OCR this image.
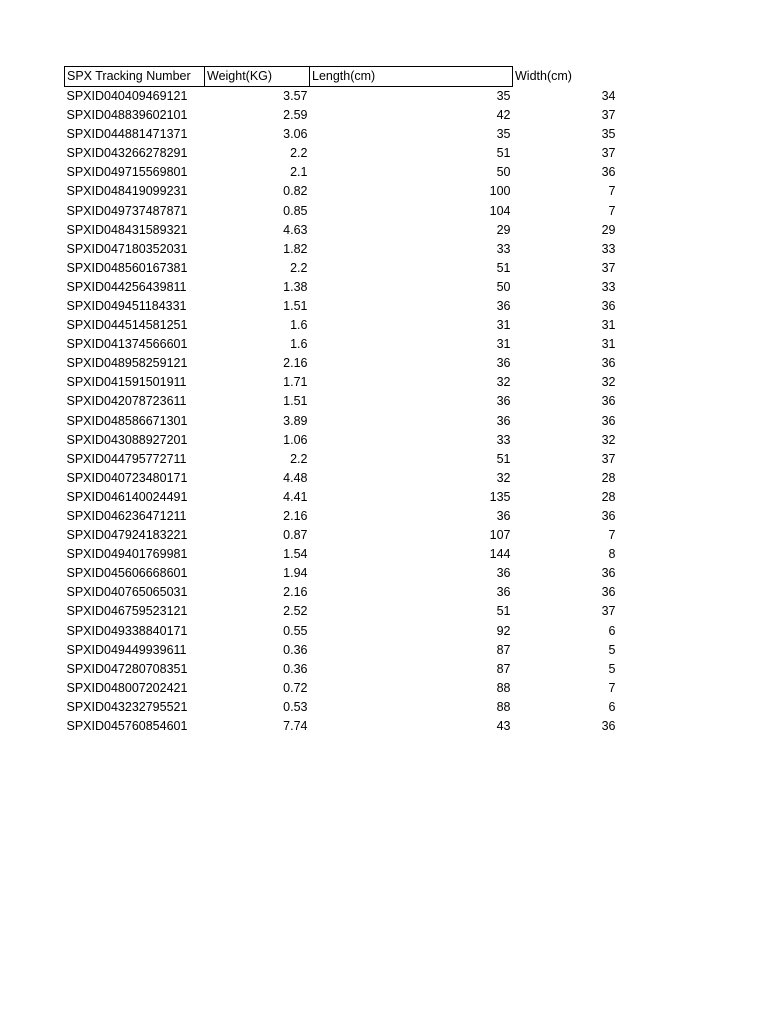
SPX Tracking Number	Weight(KG)	Length(cm)	Width(cm)
SPXID040409469121	3.57	35	34
SPXID048839602101	2.59	42	37
SPXID044881471371	3.06	35	35
SPXID043266278291	2.2	51	37
SPXID049715569801	2.1	50	36
SPXID048419099231	0.82	100	7
SPXID049737487871	0.85	104	7
SPXID048431589321	4.63	29	29
SPXID047180352031	1.82	33	33
SPXID048560167381	2.2	51	37
SPXID044256439811	1.38	50	33
SPXID049451184331	1.51	36	36
SPXID044514581251	1.6	31	31
SPXID041374566601	1.6	31	31
SPXID048958259121	2.16	36	36
SPXID041591501911	1.71	32	32
SPXID042078723611	1.51	36	36
SPXID048586671301	3.89	36	36
SPXID043088927201	1.06	33	32
SPXID044795772711	2.2	51	37
SPXID040723480171	4.48	32	28
SPXID046140024491	4.41	135	28
SPXID046236471211	2.16	36	36
SPXID047924183221	0.87	107	7
SPXID049401769981	1.54	144	8
SPXID045606668601	1.94	36	36
SPXID040765065031	2.16	36	36
SPXID046759523121	2.52	51	37
SPXID049338840171	0.55	92	6
SPXID049449939611	0.36	87	5
SPXID047280708351	0.36	87	5
SPXID048007202421	0.72	88	7
SPXID043232795521	0.53	88	6
SPXID045760854601	7.74	43	36
